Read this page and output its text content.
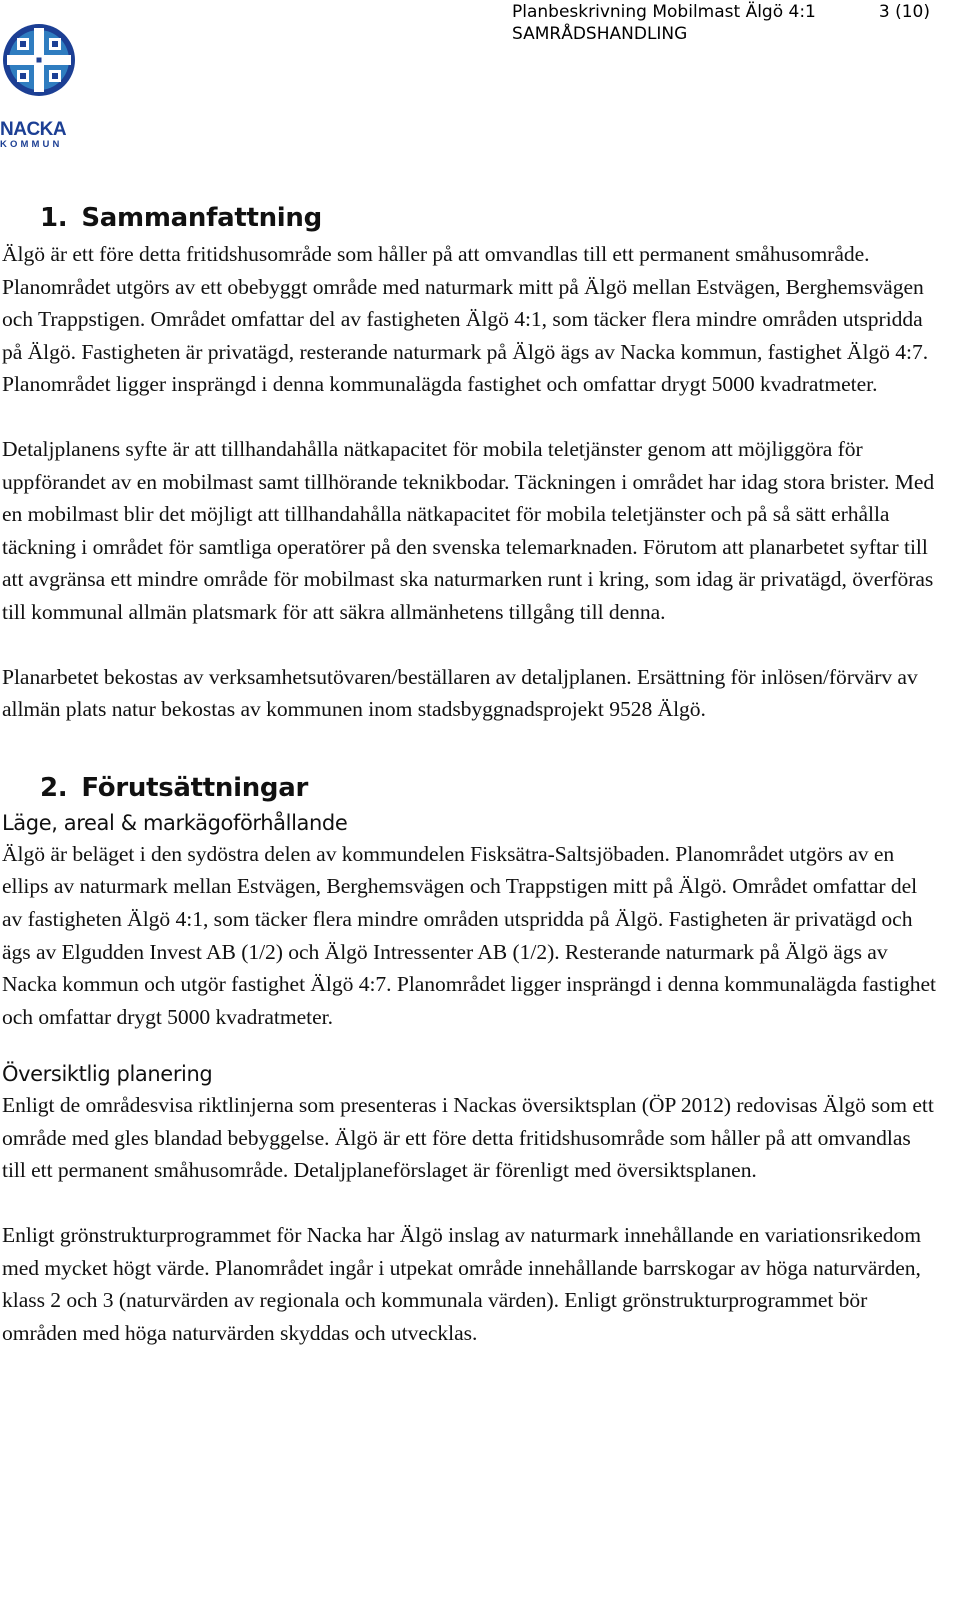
NACKA
KOMMUN
Planbeskrivning Mobilmast Älgö 4:1	3 (10)
SAMRÅDSHANDLING
1. Sammanfattning

Älgö är ett före detta fritidshusområde som håller på att omvandlas till ett permanent småhusområde. Planområdet utgörs av ett obebyggt område med naturmark mitt på Älgö mellan Estvägen, Berghemsvägen och Trappstigen. Området omfattar del av fastigheten Älgö 4:1, som täcker flera mindre områden utspridda på Älgö. Fastigheten är privatägd, resterande naturmark på Älgö ägs av Nacka kommun, fastighet Älgö 4:7. Planområdet ligger insprängd i denna kommunalägda fastighet och omfattar drygt 5000 kvadratmeter.

Detaljplanens syfte är att tillhandahålla nätkapacitet för mobila teletjänster genom att möjliggöra för uppförandet av en mobilmast samt tillhörande teknikbodar. Täckningen i området har idag stora brister. Med en mobilmast blir det möjligt att tillhandahålla nätkapacitet för mobila teletjänster och på så sätt erhålla täckning i området för samtliga operatörer på den svenska telemarknaden. Förutom att planarbetet syftar till att avgränsa ett mindre område för mobilmast ska naturmarken runt i kring, som idag är privatägd, överföras till kommunal allmän platsmark för att säkra allmänhetens tillgång till denna.

Planarbetet bekostas av verksamhetsutövaren/beställaren av detaljplanen. Ersättning för inlösen/förvärv av allmän plats natur bekostas av kommunen inom stadsbyggnadsprojekt 9528 Älgö.

2. Förutsättningar
Läge, areal & markägoförhållande

Älgö är beläget i den sydöstra delen av kommundelen Fisksätra-Saltsjöbaden. Planområdet utgörs av en ellips av naturmark mellan Estvägen, Berghemsvägen och Trappstigen mitt på Älgö. Området omfattar del av fastigheten Älgö 4:1, som täcker flera mindre områden utspridda på Älgö. Fastigheten är privatägd och ägs av Elgudden Invest AB (1/2) och Älgö Intressenter AB (1/2). Resterande naturmark på Älgö ägs av Nacka kommun och utgör fastighet Älgö 4:7. Planområdet ligger insprängd i denna kommunalägda fastighet och omfattar drygt 5000 kvadratmeter.

Översiktlig planering

Enligt de områdesvisa riktlinjerna som presenteras i Nackas översiktsplan (ÖP 2012) redovisas Älgö som ett område med gles blandad bebyggelse. Älgö är ett före detta fritidshusområde som håller på att omvandlas till ett permanent småhusområde. Detaljplaneförslaget är förenligt med översiktsplanen.

Enligt grönstrukturprogrammet för Nacka har Älgö inslag av naturmark innehållande en variationsrikedom med mycket högt värde. Planområdet ingår i utpekat område innehållande barrskogar av höga naturvärden, klass 2 och 3 (naturvärden av regionala och kommunala värden). Enligt grönstrukturprogrammet bör områden med höga naturvärden skyddas och utvecklas.
